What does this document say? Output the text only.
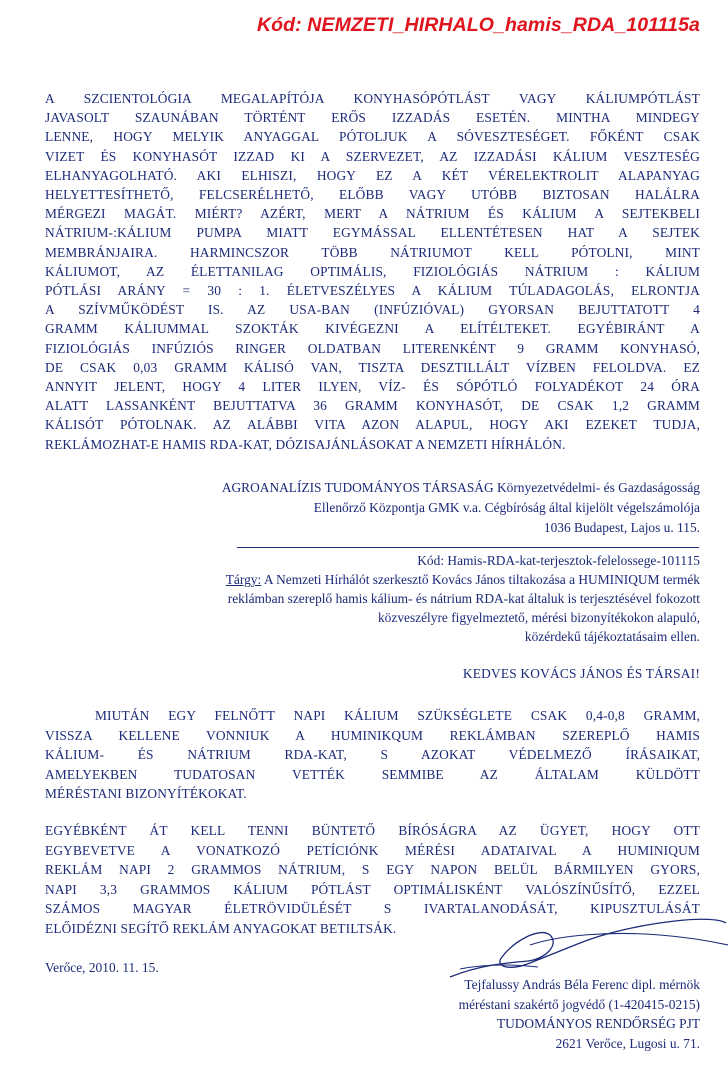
Kód: NEMZETI_HIRHALO_hamis_RDA_101115a
A SZCIENTOLÓGIA MEGALAPÍTÓJA KONYHASÓPÓTLÁST VAGY KÁLIUMPÓTLÁST
JAVASOLT SZAUNÁBAN TÖRTÉNT ERŐS IZZADÁS ESETÉN. MINTHA MINDEGY
LENNE, HOGY MELYIK ANYAGGAL PÓTOLJUK A SÓVESZTESÉGET. FŐKÉNT CSAK
VIZET ÉS KONYHASÓT IZZAD KI A SZERVEZET, AZ IZZADÁSI KÁLIUM VESZTESÉG
ELHANYAGOLHATÓ. AKI ELHISZI, HOGY EZ A KÉT VÉRELEKTROLIT ALAPANYAG
HELYETTESÍTHETŐ, FELCSERÉLHETŐ, ELŐBB VAGY UTÓBB BIZTOSAN HALÁLRA
MÉRGEZI MAGÁT. MIÉRT? AZÉRT, MERT A NÁTRIUM ÉS KÁLIUM A SEJTEKBELI
NÁTRIUM-:KÁLIUM PUMPA MIATT EGYMÁSSAL ELLENTÉTESEN HAT A SEJTEK
MEMBRÁNJAIRA. HARMINCSZOR TÖBB NÁTRIUMOT KELL PÓTOLNI, MINT
KÁLIUMOT, AZ ÉLETTANILAG OPTIMÁLIS, FIZIOLÓGIÁS NÁTRIUM : KÁLIUM
PÓTLÁSI ARÁNY = 30 : 1. ÉLETVESZÉLYES A KÁLIUM TÚLADAGOLÁS, ELRONTJA
A SZÍVMŰKÖDÉST IS. AZ USA-BAN (INFÚZIÓVAL) GYORSAN BEJUTTATOTT 4
GRAMM KÁLIUMMAL SZOKTÁK KIVÉGEZNI A ELÍTÉLTEKET. EGYÉBIRÁNT A
FIZIOLÓGIÁS INFÚZIÓS RINGER OLDATBAN LITERENKÉNT 9 GRAMM KONYHASÓ,
DE CSAK 0,03 GRAMM KÁLISÓ VAN, TISZTA DESZTILLÁLT VÍZBEN FELOLDVA. EZ
ANNYIT JELENT, HOGY 4 LITER ILYEN, VÍZ- ÉS SÓPÓTLÓ FOLYADÉKOT 24 ÓRA
ALATT LASSANKÉNT BEJUTTATVA 36 GRAMM KONYHASÓT, DE CSAK 1,2 GRAMM
KÁLISÓT PÓTOLNAK. AZ ALÁBBI VITA AZON ALAPUL, HOGY AKI EZEKET TUDJA,
REKLÁMOZHAT-E HAMIS RDA-KAT, DÓZISAJÁNLÁSOKAT A NEMZETI HÍRHÁLÓN.
AGROANALÍZIS TUDOMÁNYOS TÁRSASÁG Környezetvédelmi- és Gazdaságosság
Ellenőrző Központja GMK v.a. Cégbíróság által kijelölt végelszámolója
1036 Budapest, Lajos u. 115.
Kód: Hamis-RDA-kat-terjesztok-felelossege-101115
Tárgy: A Nemzeti Hírhálót szerkesztő Kovács János tiltakozása a HUMINIQUM termék
reklámban szereplő hamis kálium- és nátrium RDA-kat általuk is terjesztésével fokozott
közveszélyre figyelmeztető, mérési bizonyítékokon alapuló,
közérdekű tájékoztatásaim ellen.
KEDVES KOVÁCS JÁNOS ÉS TÁRSAI!
MIUTÁN EGY FELNŐTT NAPI KÁLIUM SZÜKSÉGLETE CSAK 0,4-0,8 GRAMM,
VISSZA KELLENE VONNIUK A HUMINIKQUM REKLÁMBAN SZEREPLŐ HAMIS
KÁLIUM- ÉS NÁTRIUM RDA-KAT, S AZOKAT VÉDELMEZŐ ÍRÁSAIKAT,
AMELYEKBEN TUDATOSAN VETTÉK SEMMIBE AZ ÁLTALAM KÜLDÖTT
MÉRÉSTANI BIZONYÍTÉKOKAT.
EGYÉBKÉNT ÁT KELL TENNI BÜNTETŐ BÍRÓSÁGRA AZ ÜGYET, HOGY OTT
EGYBEVETVE A VONATKOZÓ PETÍCIÓNK MÉRÉSI ADATAIVAL A HUMINIQUM
REKLÁM NAPI 2 GRAMMOS NÁTRIUM, S EGY NAPON BELÜL BÁRMILYEN GYORS,
NAPI 3,3 GRAMMOS KÁLIUM PÓTLÁST OPTIMÁLISKÉNT VALÓSZÍNŰSÍTŐ, EZZEL
SZÁMOS MAGYAR ÉLETRÖVIDÜLÉSÉT S IVARTALANODÁSÁT, KIPUSZTULÁSÁT
ELŐIDÉZNI SEGÍTŐ REKLÁM ANYAGOKAT BETILTSÁK.
Verőce, 2010. 11. 15.
Tejfalussy András Béla Ferenc dipl. mérnök
méréstani szakértő jogvédő (1-420415-0215)
TUDOMÁNYOS RENDŐRSÉG PJT
2621 Verőce, Lugosi u. 71.
